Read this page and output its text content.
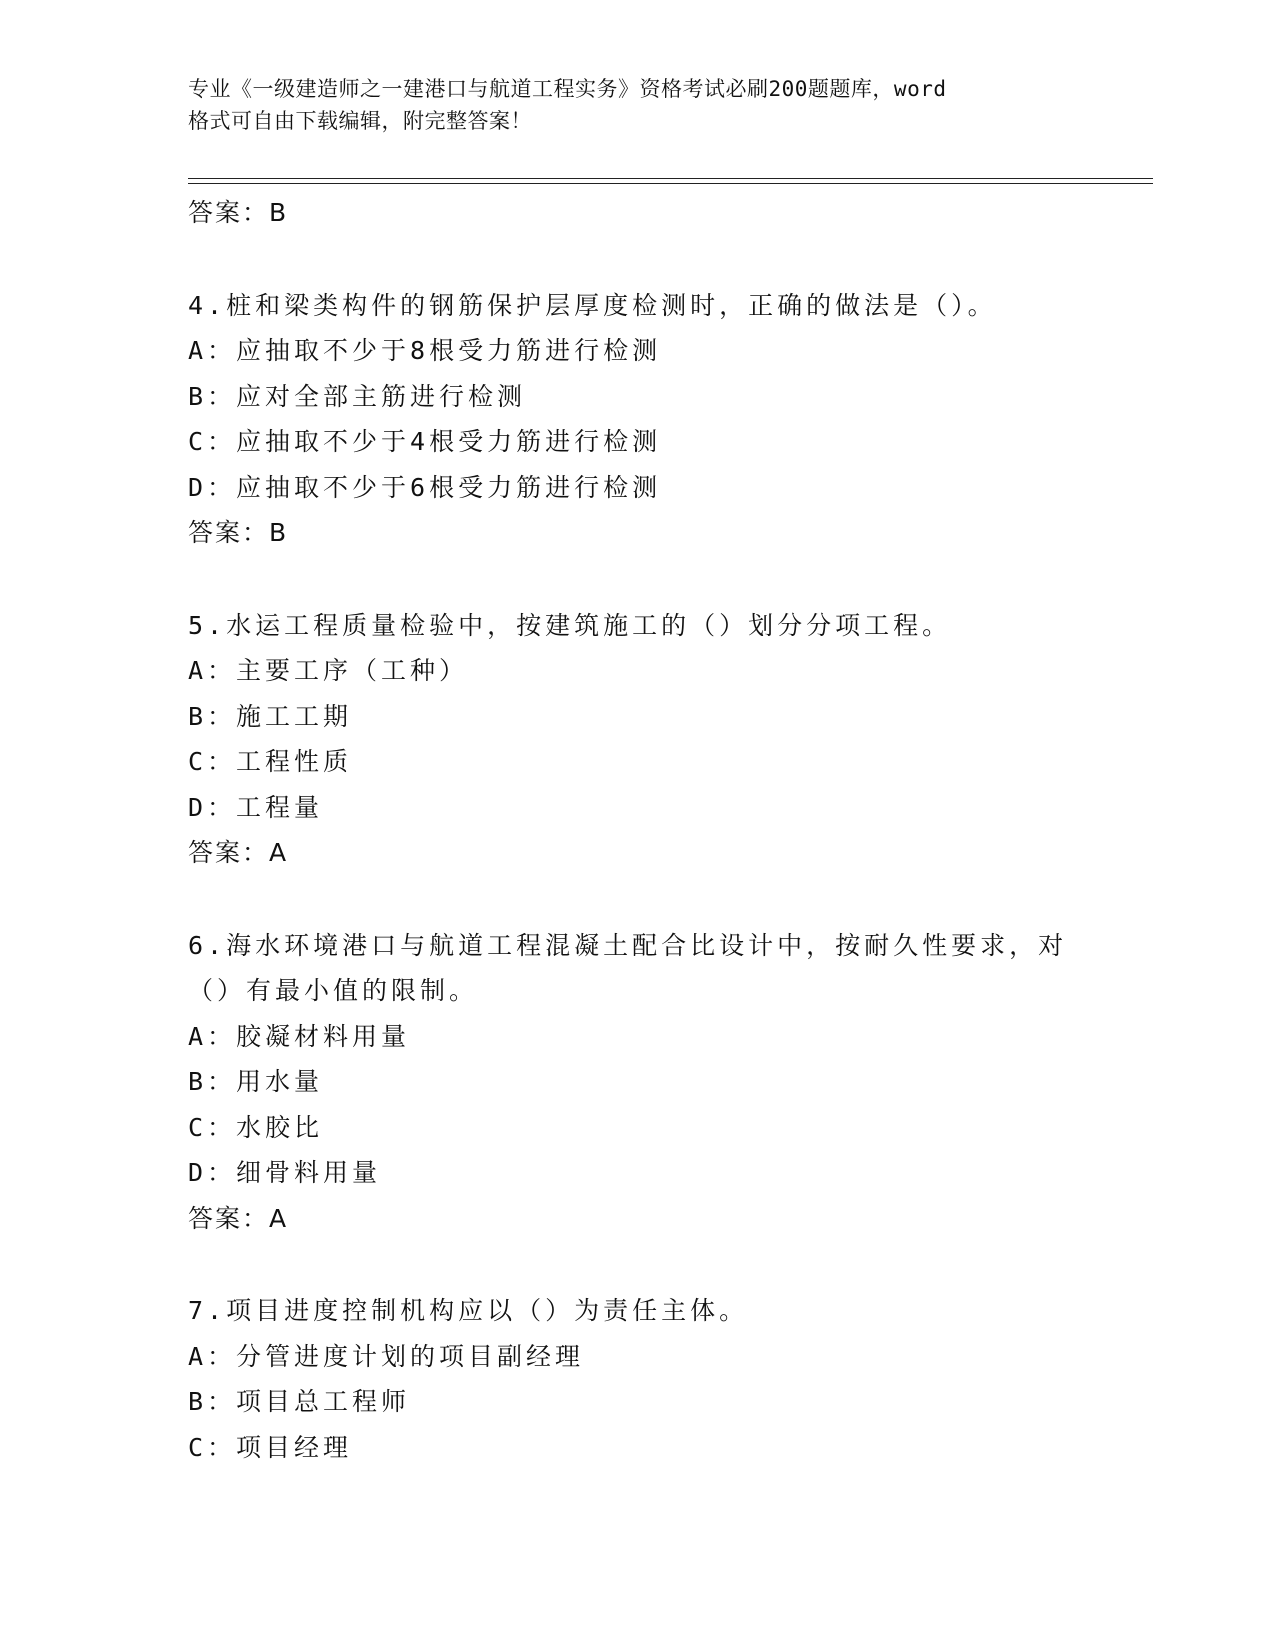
专业《一级建造师之一建港口与航道工程实务》资格考试必刷200题题库，word
格式可自由下载编辑，附完整答案！
答案：B
4.桩和梁类构件的钢筋保护层厚度检测时，正确的做法是（）。
A：应抽取不少于8根受力筋进行检测
B：应对全部主筋进行检测
C：应抽取不少于4根受力筋进行检测
D：应抽取不少于6根受力筋进行检测
答案：B
5.水运工程质量检验中，按建筑施工的（）划分分项工程。
A：主要工序（工种）
B：施工工期
C：工程性质
D：工程量
答案：A
6.海水环境港口与航道工程混凝土配合比设计中，按耐久性要求，对
（）有最小值的限制。
A：胶凝材料用量
B：用水量
C：水胶比
D：细骨料用量
答案：A
7.项目进度控制机构应以（）为责任主体。
A：分管进度计划的项目副经理
B：项目总工程师
C：项目经理
